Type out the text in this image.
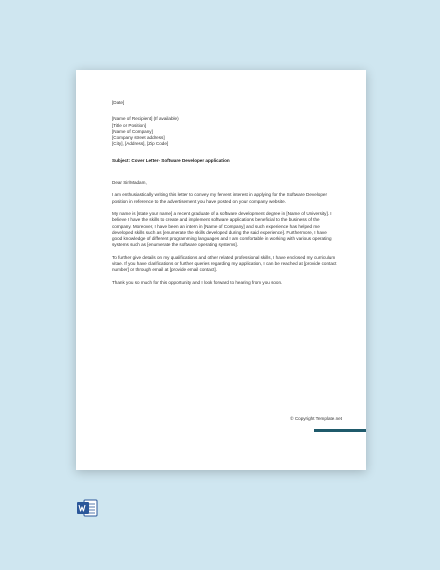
[Date]
[Name of Recipient] (If available)
[Title or Position]
[Name of Company]
[Company street address]
[City], [Address], [Zip Code]
Subject: Cover Letter- Software Developer application
Dear Sir/Madam,
I am enthusiastically writing this letter to convey my fervent interest in applying for the Software Developer position in reference to the advertisement you have posted on your company website.
My name is [state your name] a recent graduate of a software development degree in [Name of University]. I believe I have the skills to create and implement software applications beneficial to the business of the company. Moreover, I have been an intern in [Name of Company] and such experience has helped me developed skills such as [enumerate the skills developed during the said experience]. Furthermore, I have good knowledge of different programming languages and I am comfortable in working with various operating systems such as [enumerate the software operating systems].
To further give details on my qualifications and other related professional skills, I have enclosed my curriculum vitae. If you have clarifications or further queries regarding my application, I can be reached at [provide contact number] or through email at [provide email contact].
Thank you so much for this opportunity and I look forward to hearing from you soon.
© Copyright Template.net
